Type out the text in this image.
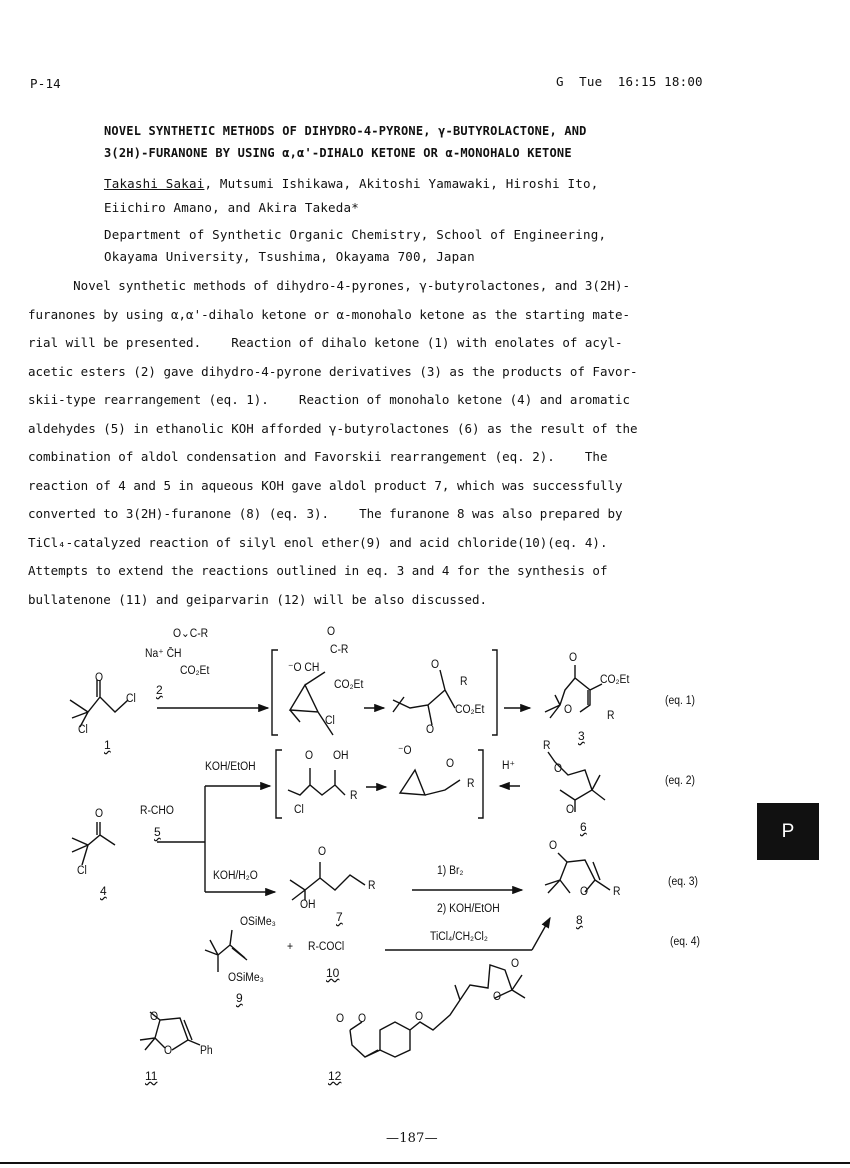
P-14	G  Tue  16:15 18:00
NOVEL SYNTHETIC METHODS OF DIHYDRO-4-PYRONE, γ-BUTYROLACTONE, AND
3(2H)-FURANONE BY USING α,α'-DIHALO KETONE OR α-MONOHALO KETONE
Takashi Sakai, Mutsumi Ishikawa, Akitoshi Yamawaki, Hiroshi Ito,
Eiichiro Amano, and Akira Takeda*
Department of Synthetic Organic Chemistry, School of Engineering,
Okayama University, Tsushima, Okayama 700, Japan
Novel synthetic methods of dihydro-4-pyrones, γ-butyrolactones, and 3(2H)-
furanones by using α,α'-dihalo ketone or α-monohalo ketone as the starting mate-
rial will be presented.    Reaction of dihalo ketone (1) with enolates of acyl-
acetic esters (2) gave dihydro-4-pyrone derivatives (3) as the products of Favor-
skii-type rearrangement (eq. 1).    Reaction of monohalo ketone (4) and aromatic
aldehydes (5) in ethanolic KOH afforded γ-butyrolactones (6) as the result of the
combination of aldol condensation and Favorskii rearrangement (eq. 2).    The
reaction of 4 and 5 in aqueous KOH gave aldol product 7, which was successfully
converted to 3(2H)-furanone (8) (eq. 3).    The furanone 8 was also prepared by
TiCl₄-catalyzed reaction of silyl enol ether(9) and acid chloride(10)(eq. 4).
Attempts to extend the reactions outlined in eq. 3 and 4 for the synthesis of
bullatenone (11) and geiparvarin (12) will be also discussed.
O
Cl
Cl
1
O⌄C-R
Na⁺ C̄H
CO₂Et
2
O
C-R
⁻O CH
CO₂Et
Cl
O
R
CO₂Et
O
O
CO₂Et
O	R
3
(eq. 1)
KOH/EtOH
O OH
R
Cl
⁻O
O
R
H⁺
R
O
O
6
(eq. 2)
O
Cl
4
R-CHO
5
KOH/H₂O
O
R
OH
7
1) Br₂
2) KOH/EtOH
O
O R
8
(eq. 3)
OSiMe₃
OSiMe₃
9
+ R-COCl
10
TiCl₄/CH₂Cl₂	(eq. 4)
O
O Ph
11
O O	O
O
O
12
P
—187—
